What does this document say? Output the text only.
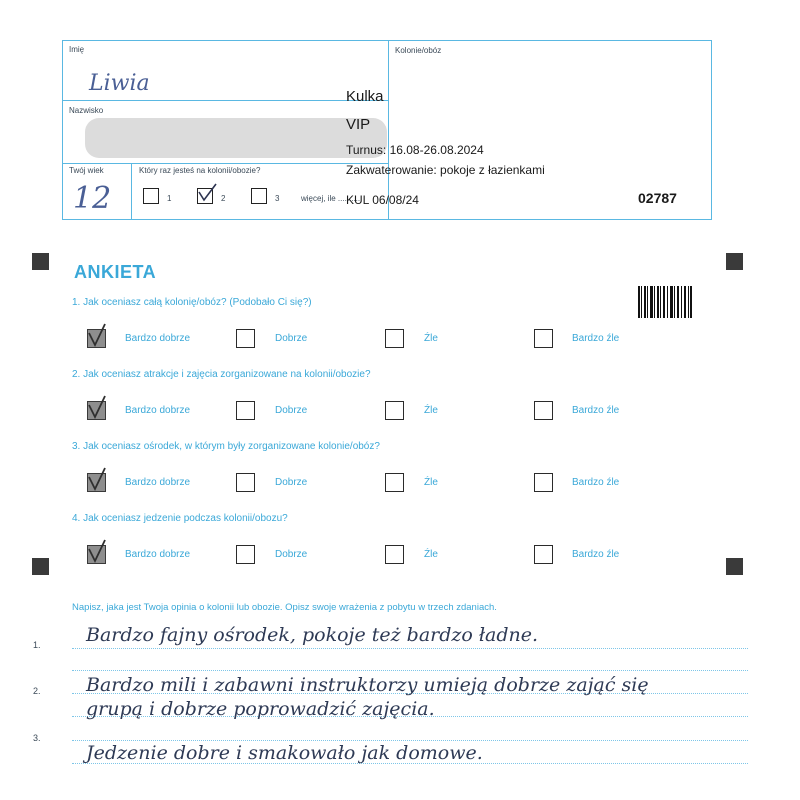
Imię
Liwia
Nazwisko
Twój wiek
12
Który raz jesteś na kolonii/obozie?
1	2	3	więcej, ile ..........
Kolonie/obóz
Kulka
VIP
Turnus: 16.08-26.08.2024
Zakwaterowanie: pokoje z łazienkami
KUL 06/08/24	02787
ANKIETA
1. Jak oceniasz całą kolonię/obóz? (Podobało Ci się?)
Bardzo dobrze	Dobrze	Źle	Bardzo źle
2. Jak oceniasz atrakcje i zajęcia zorganizowane na kolonii/obozie?
Bardzo dobrze	Dobrze	Źle	Bardzo źle
3. Jak oceniasz ośrodek, w którym były zorganizowane kolonie/obóz?
Bardzo dobrze	Dobrze	Źle	Bardzo źle
4. Jak oceniasz jedzenie podczas kolonii/obozu?
Bardzo dobrze	Dobrze	Źle	Bardzo źle
Napisz, jaka jest Twoja opinia o kolonii lub obozie. Opisz swoje wrażenia z pobytu w trzech zdaniach.
1.
2.
3.
Bardzo fajny ośrodek, pokoje też bardzo ładne.
Bardzo mili i zabawni instruktorzy umieją dobrze zająć się
grupą i dobrze poprowadzić zajęcia.
Jedzenie dobre i smakowało jak domowe.
